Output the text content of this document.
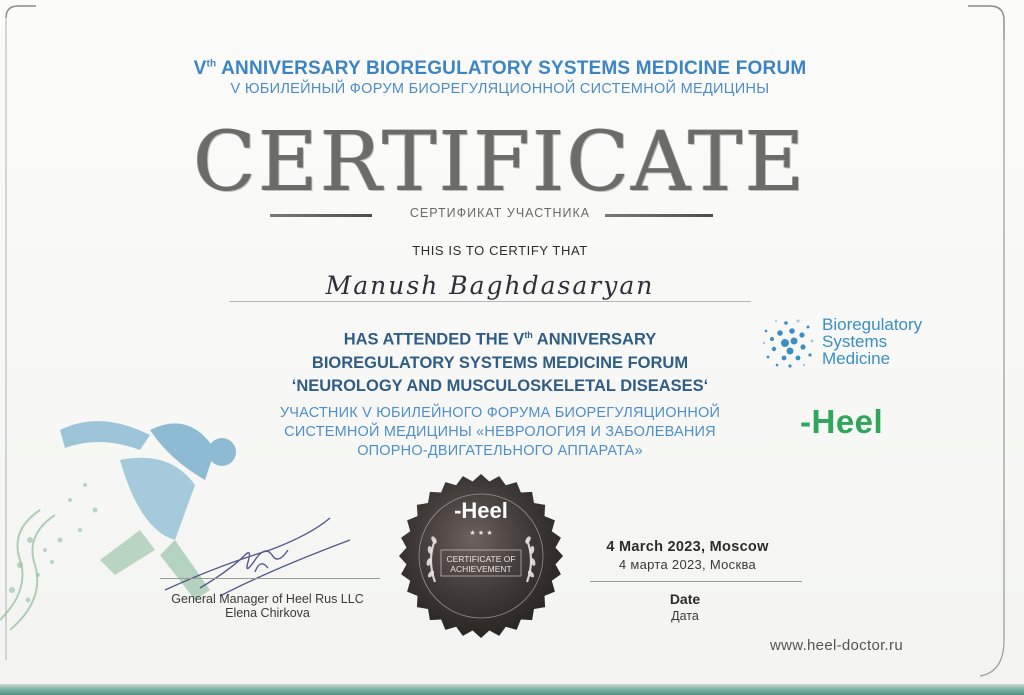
Vth ANNIVERSARY BIOREGULATORY SYSTEMS MEDICINE FORUM
V ЮБИЛЕЙНЫЙ ФОРУМ БИОРЕГУЛЯЦИОННОЙ СИСТЕМНОЙ МЕДИЦИНЫ
CERTIFICATE
СЕРТИФИКАТ УЧАСТНИКА
THIS IS TO CERTIFY THAT
Manush Baghdasaryan
HAS ATTENDED THE Vth ANNIVERSARY
BIOREGULATORY SYSTEMS MEDICINE FORUM
‘NEUROLOGY AND MUSCULOSKELETAL DISEASES‘
УЧАСТНИК V ЮБИЛЕЙНОГО ФОРУМА БИОРЕГУЛЯЦИОННОЙ
СИСТЕМНОЙ МЕДИЦИНЫ «НЕВРОЛОГИЯ И ЗАБОЛЕВАНИЯ
ОПОРНО-ДВИГАТЕЛЬНОГО АППАРАТА»
Bioregulatory
Systems
Medicine
-Heel
-Heel
★ ★ ★
CERTIFICATE OF
ACHIEVEMENT
General Manager of Heel Rus LLC
Elena Chirkova
4 March 2023, Moscow
4 марта 2023, Москва
Date
Дата
www.heel-doctor.ru
